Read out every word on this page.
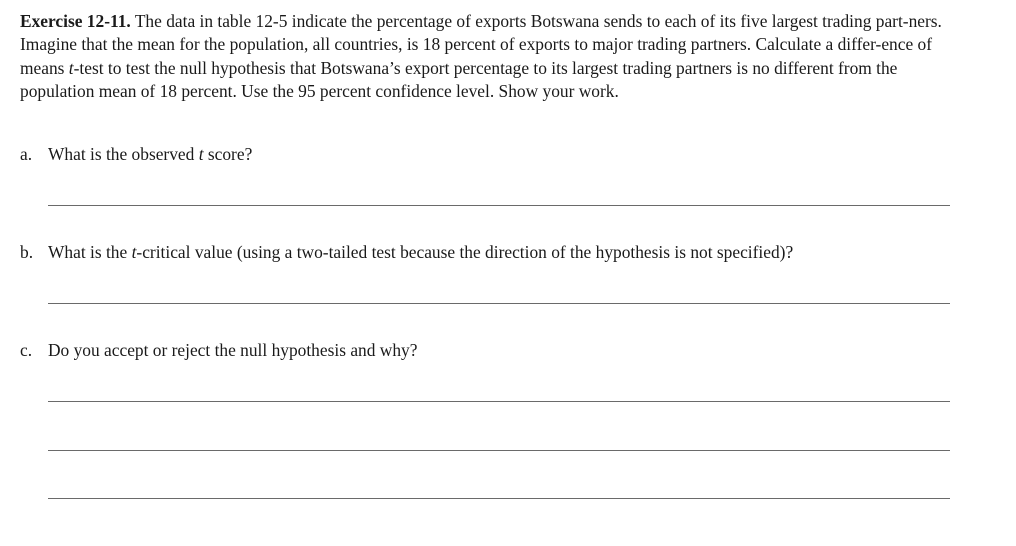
Exercise 12-11. The data in table 12-5 indicate the percentage of exports Botswana sends to each of its five largest trading part-ners. Imagine that the mean for the population, all countries, is 18 percent of exports to major trading partners. Calculate a differ-ence of means t-test to test the null hypothesis that Botswana’s export percentage to its largest trading partners is no different from the population mean of 18 percent. Use the 95 percent confidence level. Show your work.
a. What is the observed t score?
b. What is the t-critical value (using a two-tailed test because the direction of the hypothesis is not specified)?
c. Do you accept or reject the null hypothesis and why?
